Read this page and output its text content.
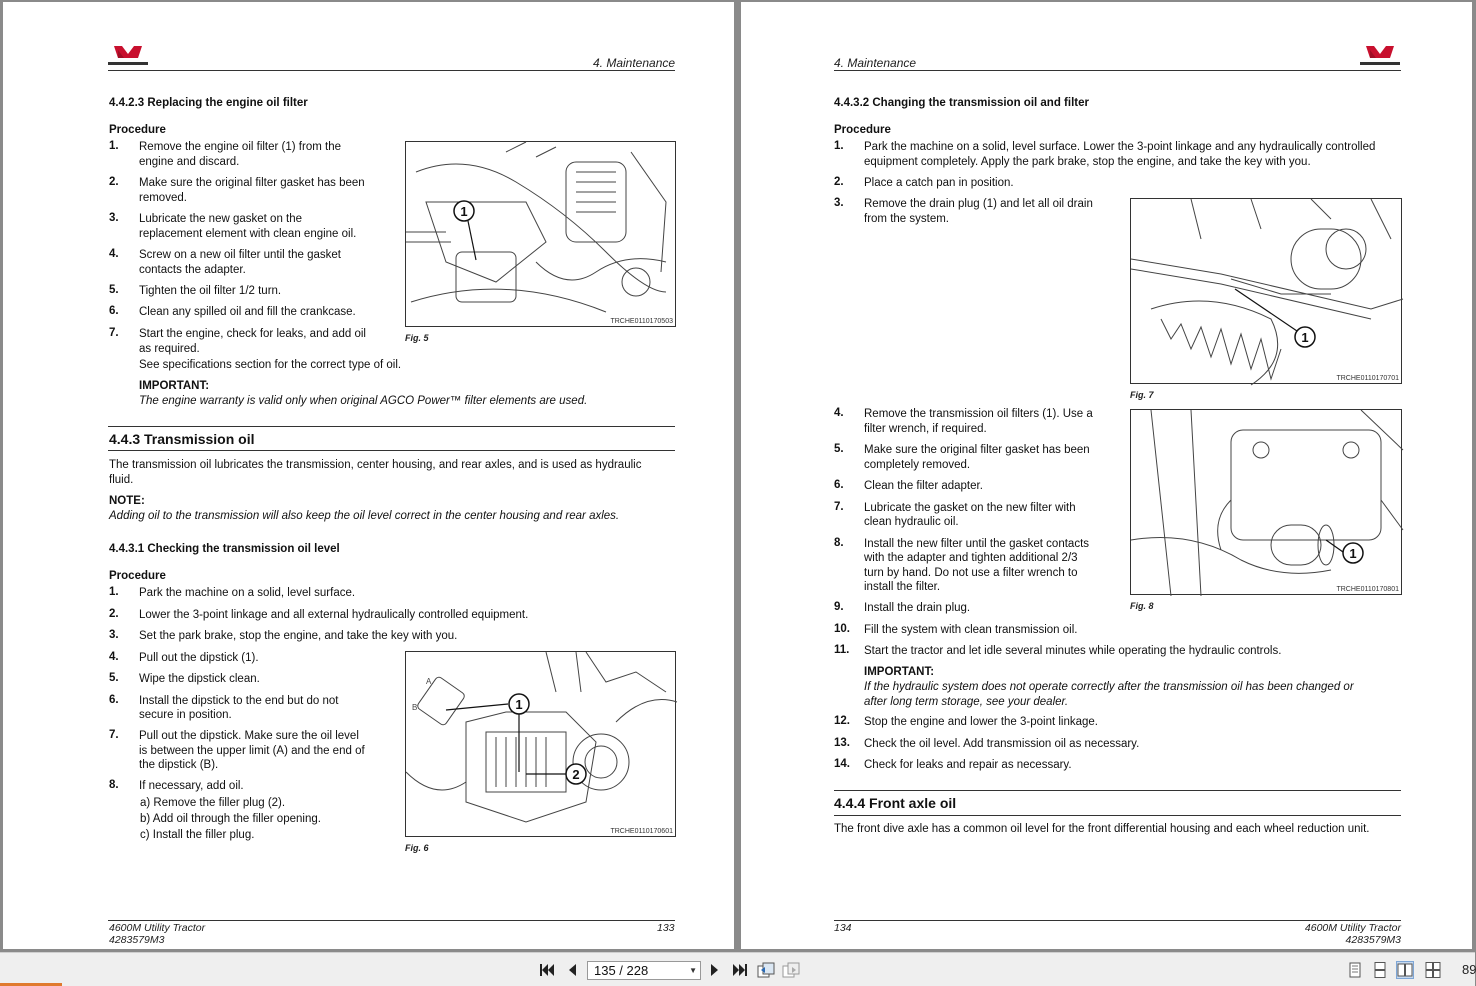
4. Maintenance
4.4.2.3 Replacing the engine oil filter
Procedure
1. Remove the engine oil filter (1) from the
engine and discard.
2. Make sure the original filter gasket has been
removed.
3. Lubricate the new gasket on the
replacement element with clean engine oil.
4. Screw on a new oil filter until the gasket
contacts the adapter.
5. Tighten the oil filter 1/2 turn.
6. Clean any spilled oil and fill the crankcase.
7. Start the engine, check for leaks, and add oil
as required.
See specifications section for the correct type of oil.
IMPORTANT:
The engine warranty is valid only when original AGCO Power™ filter elements are used.
1
TRCHE0110170503
Fig. 5
4.4.3 Transmission oil
The transmission oil lubricates the transmission, center housing, and rear axles, and is used as hydraulic
fluid.
NOTE:
Adding oil to the transmission will also keep the oil level correct in the center housing and rear axles.
4.4.3.1 Checking the transmission oil level
Procedure
1. Park the machine on a solid, level surface.
2. Lower the 3-point linkage and all external hydraulically controlled equipment.
3. Set the park brake, stop the engine, and take the key with you.
4. Pull out the dipstick (1).
5. Wipe the dipstick clean.
6. Install the dipstick to the end but do not
secure in position.
7. Pull out the dipstick. Make sure the oil level
is between the upper limit (A) and the end of
the dipstick (B).
8. If necessary, add oil.
a) Remove the filler plug (2).
b) Add oil through the filler opening.
c) Install the filler plug.
A
B	1
2
TRCHE0110170601
Fig. 6
4600M Utility Tractor
4283579M3
133
4. Maintenance
4.4.3.2 Changing the transmission oil and filter
Procedure
1. Park the machine on a solid, level surface. Lower the 3-point linkage and any hydraulically controlled
equipment completely. Apply the park brake, stop the engine, and take the key with you.
2. Place a catch pan in position.
3. Remove the drain plug (1) and let all oil drain
from the system.
1
TRCHE0110170701
Fig. 7
4. Remove the transmission oil filters (1). Use a
filter wrench, if required.
5. Make sure the original filter gasket has been
completely removed.
6. Clean the filter adapter.
7. Lubricate the gasket on the new filter with
clean hydraulic oil.
8. Install the new filter until the gasket contacts
with the adapter and tighten additional 2/3
turn by hand. Do not use a filter wrench to
install the filter.
9. Install the drain plug.
10. Fill the system with clean transmission oil.
11. Start the tractor and let idle several minutes while operating the hydraulic controls.
1
TRCHE0110170801
Fig. 8
IMPORTANT:
If the hydraulic system does not operate correctly after the transmission oil has been changed or
after long term storage, see your dealer.
12. Stop the engine and lower the 3-point linkage.
13. Check the oil level. Add transmission oil as necessary.
14. Check for leaks and repair as necessary.
4.4.4 Front axle oil
The front dive axle has a common oil level for the front differential housing and each wheel reduction unit.
134	4600M Utility Tractor
4283579M3
135 / 228	▼	89
